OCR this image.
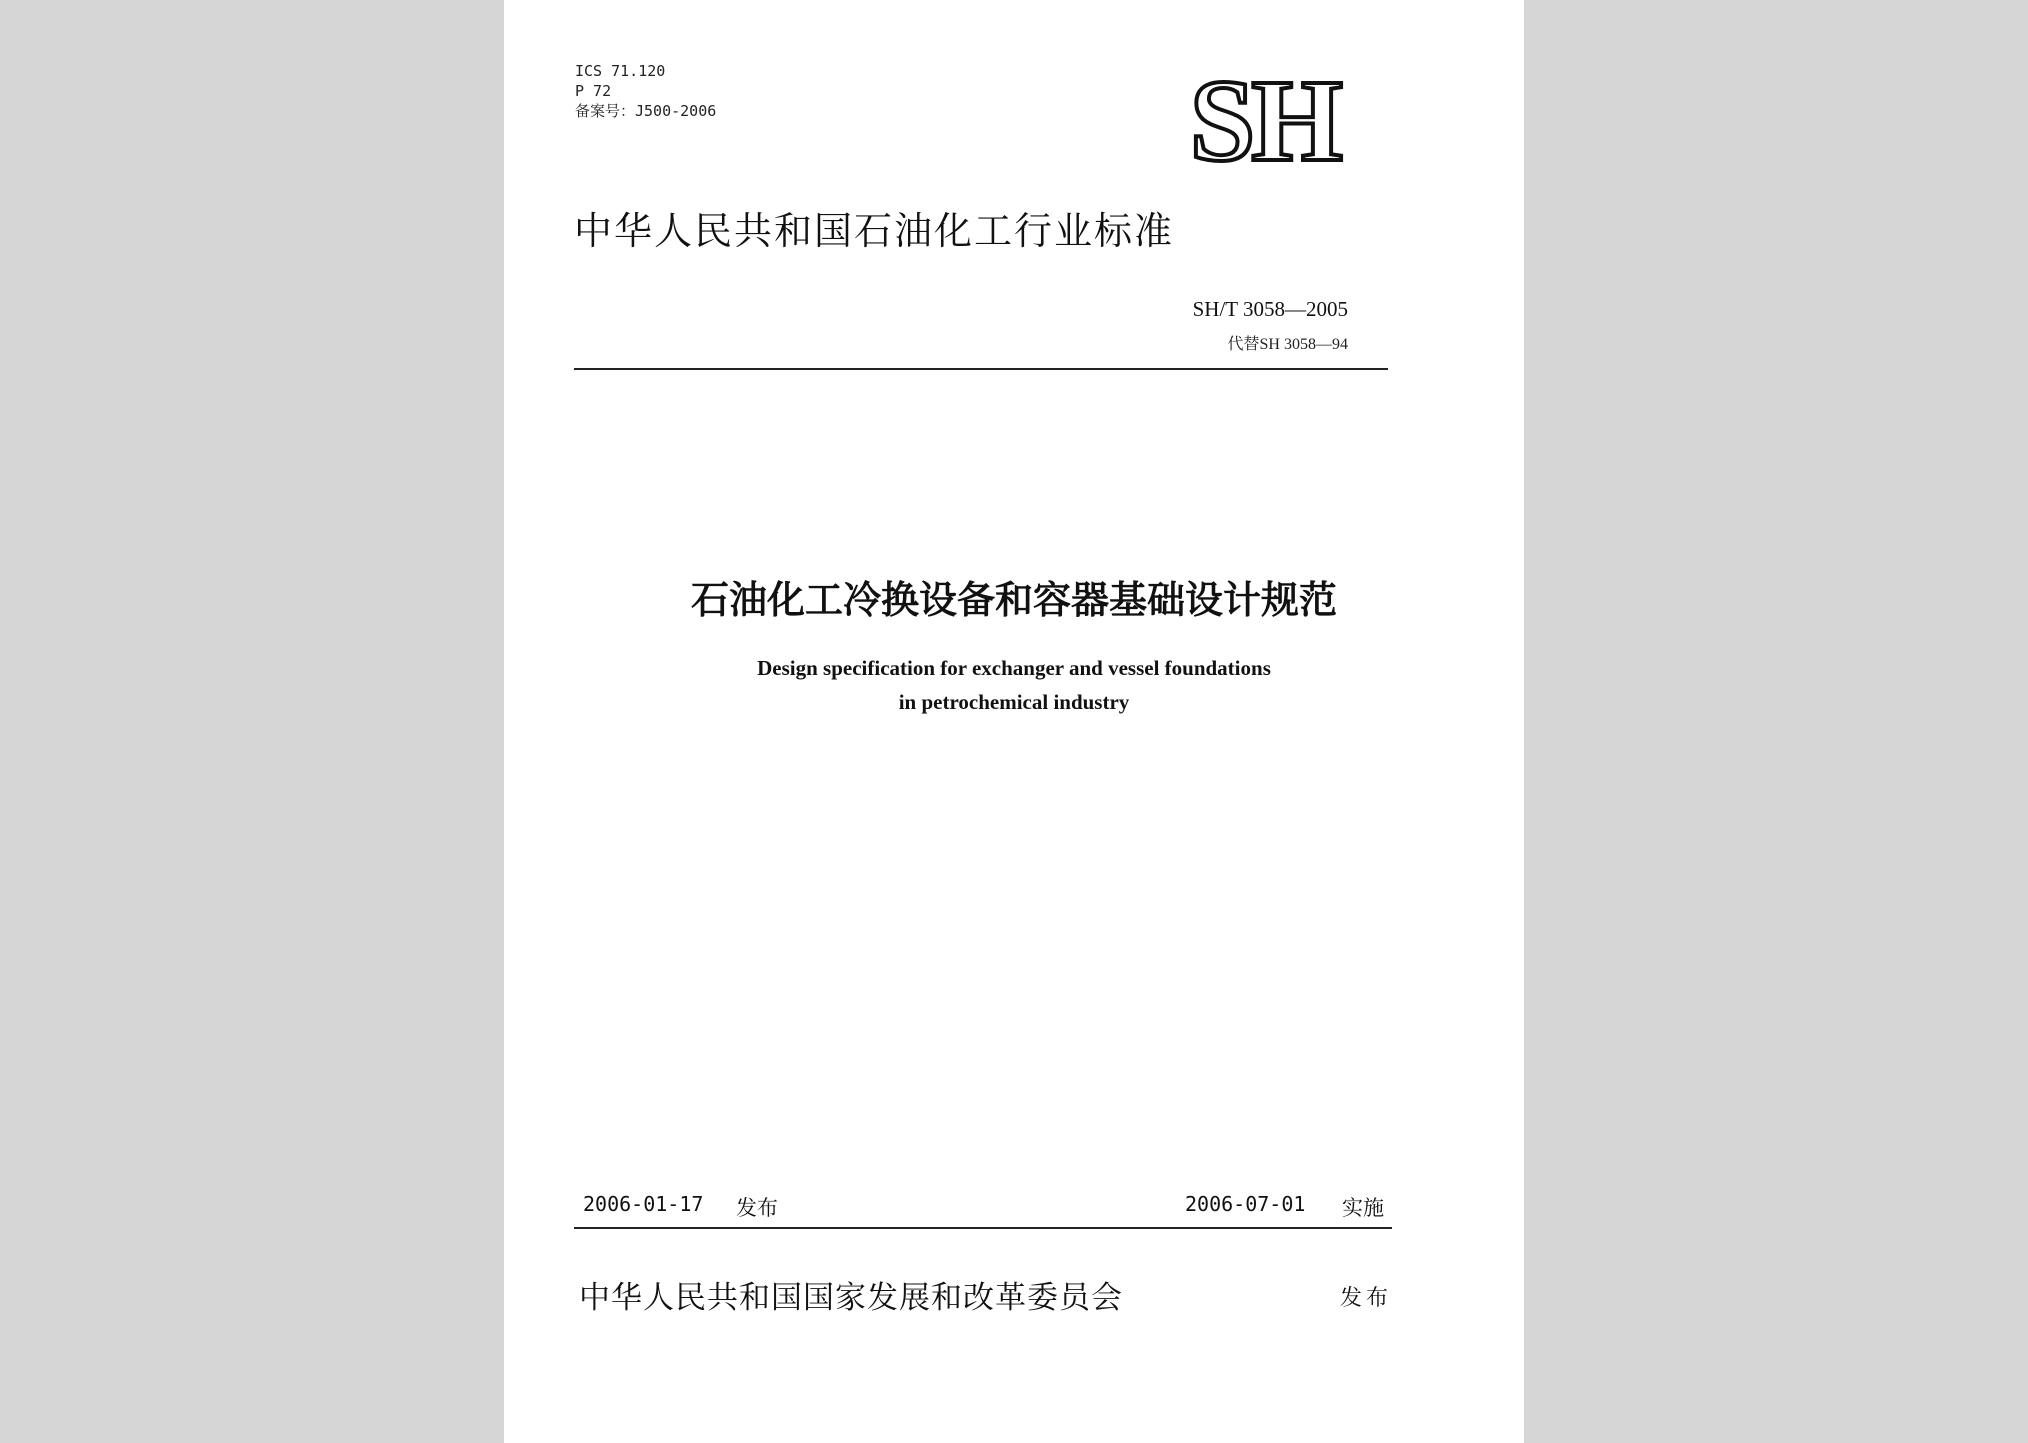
ICS 71.120
P 72
备案号：J500-2006	SH
中华人民共和国石油化工行业标准
SH/T 3058—2005
代替SH 3058—94
石油化工冷换设备和容器基础设计规范
Design specification for exchanger and vessel foundations
in petrochemical industry
2006-01-17 发布	2006-07-01 实施
中华人民共和国国家发展和改革委员会	发布
